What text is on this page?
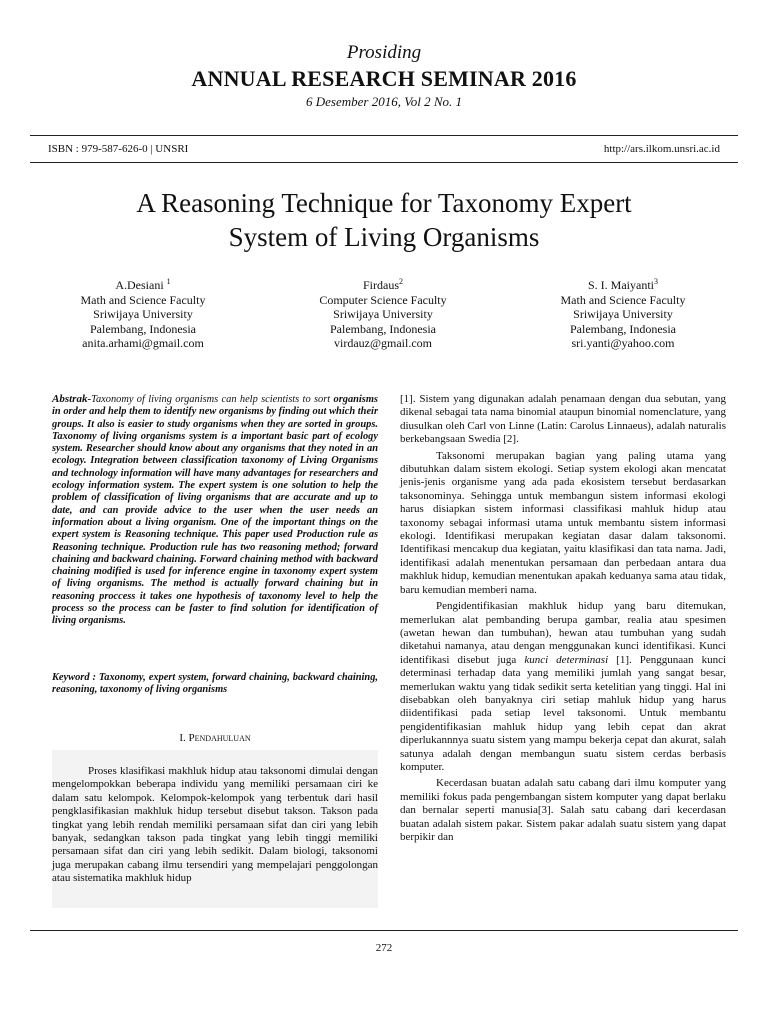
Prosiding
ANNUAL RESEARCH SEMINAR 2016
6 Desember 2016, Vol 2 No. 1
ISBN : 979-587-626-0 | UNSRI	http://ars.ilkom.unsri.ac.id
A Reasoning Technique for Taxonomy Expert
System of Living Organisms
A.Desiani $^1$
Math and Science Faculty
Sriwijaya University
Palembang, Indonesia
anita.arhami@gmail.com
Firdaus$^2$
Computer Science Faculty
Sriwijaya University
Palembang, Indonesia
virdauz@gmail.com
S. I. Maiyanti$^3$
Math and Science Faculty
Sriwijaya University
Palembang, Indonesia
sri.yanti@yahoo.com
Abstrak-Taxonomy of living organisms can help scientists to sort organisms in order and help them to identify new organisms by finding out which their groups. It also is easier to study organisms when they are sorted in groups. Taxonomy of living organisms system is a important basic part of ecology system. Researcher should know about any organisms that they noted in an ecology. Integration between classification taxonomy of Living Organisms and technology information will have many advantages for researchers and ecology information system. The expert system is one solution to help the problem of classification of living organisms that are accurate and up to date, and can provide advice to the user when the user needs an information about a living organism. One of the important things on the expert system is Reasoning technique. This paper used Production rule as Reasoning technique. Production rule has two reasoning method; forward chaining and backward chaining. Forward chaining method with backward chaining modified is used for inference engine in taxonomy expert system of living organisms. The method is actually forward chaining but in reasoning proccess it takes one hypothesis of taxonomy level to help the process so the process can be faster to find solution for identification of living organisms.
Keyword : Taxonomy, expert system, forward chaining, backward chaining, reasoning, taxonomy of living organisms
I. Pendahuluan

Proses klasifikasi makhluk hidup atau taksonomi dimulai dengan mengelompokkan beberapa individu yang memiliki persamaan ciri ke dalam satu kelompok. Kelompok-kelompok yang terbentuk dari hasil pengklasifikasian makhluk hidup tersebut disebut takson. Takson pada tingkat yang lebih rendah memiliki persamaan sifat dan ciri yang lebih banyak, sedangkan takson pada tingkat yang lebih tinggi memiliki persamaan sifat dan ciri yang lebih sedikit. Dalam biologi, taksonomi juga merupakan cabang ilmu tersendiri yang mempelajari penggolongan atau sistematika makhluk hidup

[1]. Sistem yang digunakan adalah penamaan dengan dua sebutan, yang dikenal sebagai tata nama binomial ataupun binomial nomenclature, yang diusulkan oleh Carl von Linne (Latin: Carolus Linnaeus), adalah naturalis berkebangsaan Swedia [2].

Taksonomi merupakan bagian yang paling utama yang dibutuhkan dalam sistem ekologi. Setiap system ekologi akan mencatat jenis-jenis organisme yang ada pada ekosistem tersebut berdasarkan taksonominya. Sehingga untuk membangun sistem informasi ekologi harus disiapkan sistem informasi classifikasi mahluk hidup atau taxonomy sebagai informasi utama untuk membantu sistem informasi ekologi. Identifikasi merupakan kegiatan dasar dalam taksonomi. Identifikasi mencakup dua kegiatan, yaitu klasifikasi dan tata nama. Jadi, identifikasi adalah menentukan persamaan dan perbedaan antara dua makhluk hidup, kemudian menentukan apakah keduanya sama atau tidak, baru kemudian memberi nama.

Pengidentifikasian makhluk hidup yang baru ditemukan, memerlukan alat pembanding berupa gambar, realia atau spesimen (awetan hewan dan tumbuhan), hewan atau tumbuhan yang sudah diketahui namanya, atau dengan menggunakan kunci identifikasi. Kunci identifikasi disebut juga kunci determinasi [1]. Penggunaan kunci determinasi terhadap data yang memiliki jumlah yang sangat besar, memerlukan waktu yang tidak sedikit serta ketelitian yang tinggi. Hal ini disebabkan oleh banyaknya ciri setiap mahluk hidup yang harus diidentifikasi pada setiap level taksonomi. Untuk membantu pengidentifikasian mahluk hidup yang lebih cepat dan akrat diperlukannnya suatu sistem yang mampu bekerja cepat dan akurat, salah satunya adalah dengan membangun suatu sistem cerdas berbasis komputer.

Kecerdasan buatan adalah satu cabang dari ilmu komputer yang memiliki fokus pada pengembangan sistem komputer yang dapat berlaku dan bernalar seperti manusia[3]. Salah satu cabang dari kecerdasan buatan adalah sistem pakar. Sistem pakar adalah suatu sistem yang dapat berpikir dan

272
